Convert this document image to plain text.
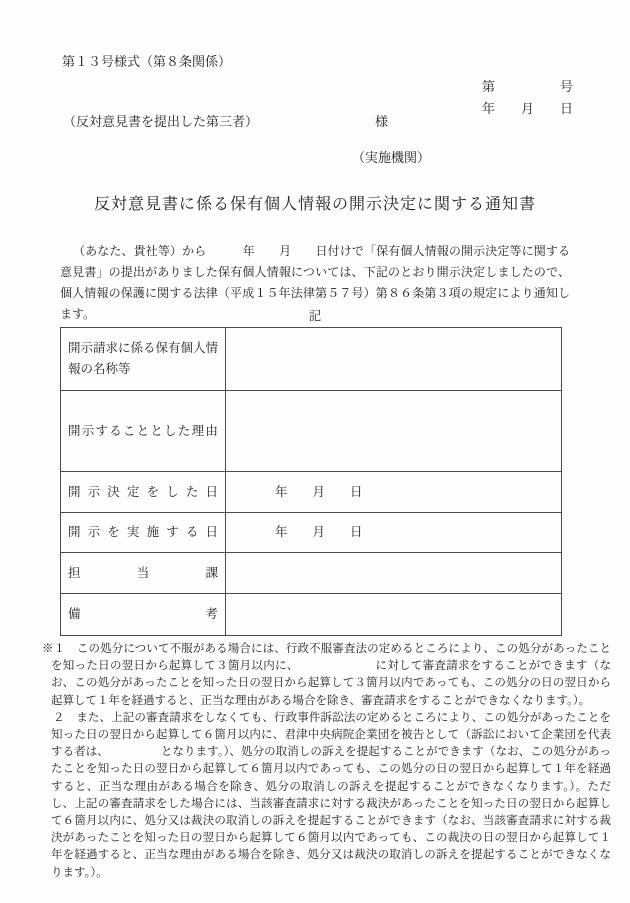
第１３号様式（第８条関係）
第　　　　　号
年　　月　　日
（反対意見書を提出した第三者）	様
（実施機関）
反対意見書に係る保有個人情報の開示決定に関する通知書
（あなた、貴社等）から　　　年　　月　　日付けで「保有個人情報の開示決定等に関する意見書」の提出がありました保有個人情報については、下記のとおり開示決定しましたので、個人情報の保護に関する法律（平成１５年法律第５７号）第８６条第３項の規定により通知します。	記
開示請求に係る保有個人情報の名称等	

開 示 す る こ と と し た 理 由

開 示 決 定 を し た 日	年　　月　　日

開 示 を 実 施 す る 日	年　　月　　日

担 当 課	

備 考	

※１　この処分について不服がある場合には、行政不服審査法の定めるところにより、この処分があったことを知った日の翌日から起算して３箇月以内に、　　　　　　　に対して審査請求をすることができます（なお、この処分があったことを知った日の翌日から起算して３箇月以内であっても、この処分の日の翌日から起算して１年を経過すると、正当な理由がある場合を除き、審査請求をすることができなくなります。）。

２　また、上記の審査請求をしなくても、行政事件訴訟法の定めるところにより、この処分があったことを知った日の翌日から起算して６箇月以内に、君津中央病院企業団を被告として（訴訟において企業団を代表する者は、　　　　　となります。）、処分の取消しの訴えを提起することができます（なお、この処分があったことを知った日の翌日から起算して６箇月以内であっても、この処分の日の翌日から起算して１年を経過すると、正当な理由がある場合を除き、処分の取消しの訴えを提起することができなくなります。）。ただし、上記の審査請求をした場合には、当該審査請求に対する裁決があったことを知った日の翌日から起算して６箇月以内に、処分又は裁決の取消しの訴えを提起することができます（なお、当該審査請求に対する裁決があったことを知った日の翌日から起算して６箇月以内であっても、この裁決の日の翌日から起算して１年を経過すると、正当な理由がある場合を除き、処分又は裁決の取消しの訴えを提起することができなくなります。）。
